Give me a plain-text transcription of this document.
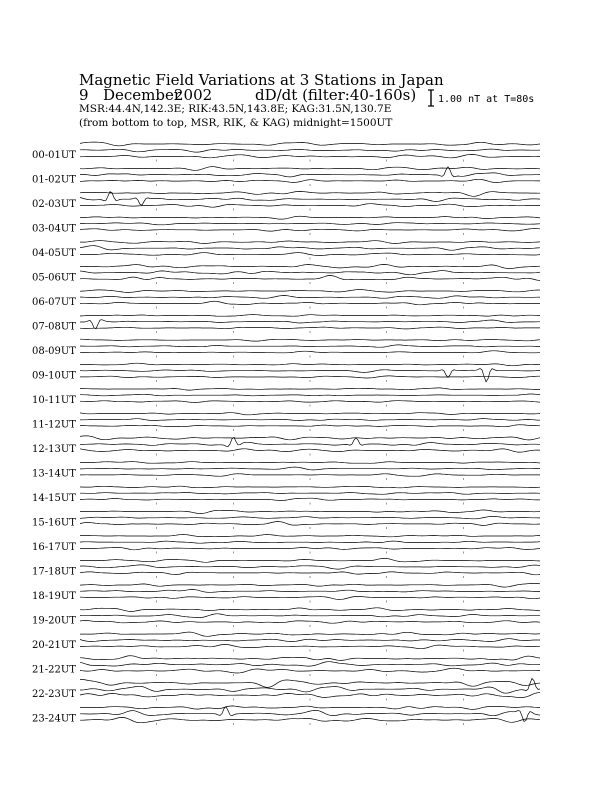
Magnetic Field Variations at 3 Stations in Japan
9 December
2002	dD/dt (filter:40-160s)
MSR:44.4N,142.3E; RIK:43.5N,143.8E; KAG:31.5N,130.7E
(from bottom to top, MSR, RIK, & KAG) midnight=1500UT
1.00 nT at T=80s
00-01UT
01-02UT
02-03UT
03-04UT
04-05UT
05-06UT
06-07UT
07-08UT
08-09UT
09-10UT
10-11UT
11-12UT
12-13UT
13-14UT
14-15UT
15-16UT
16-17UT
17-18UT
18-19UT
19-20UT
20-21UT
21-22UT
22-23UT
23-24UT
